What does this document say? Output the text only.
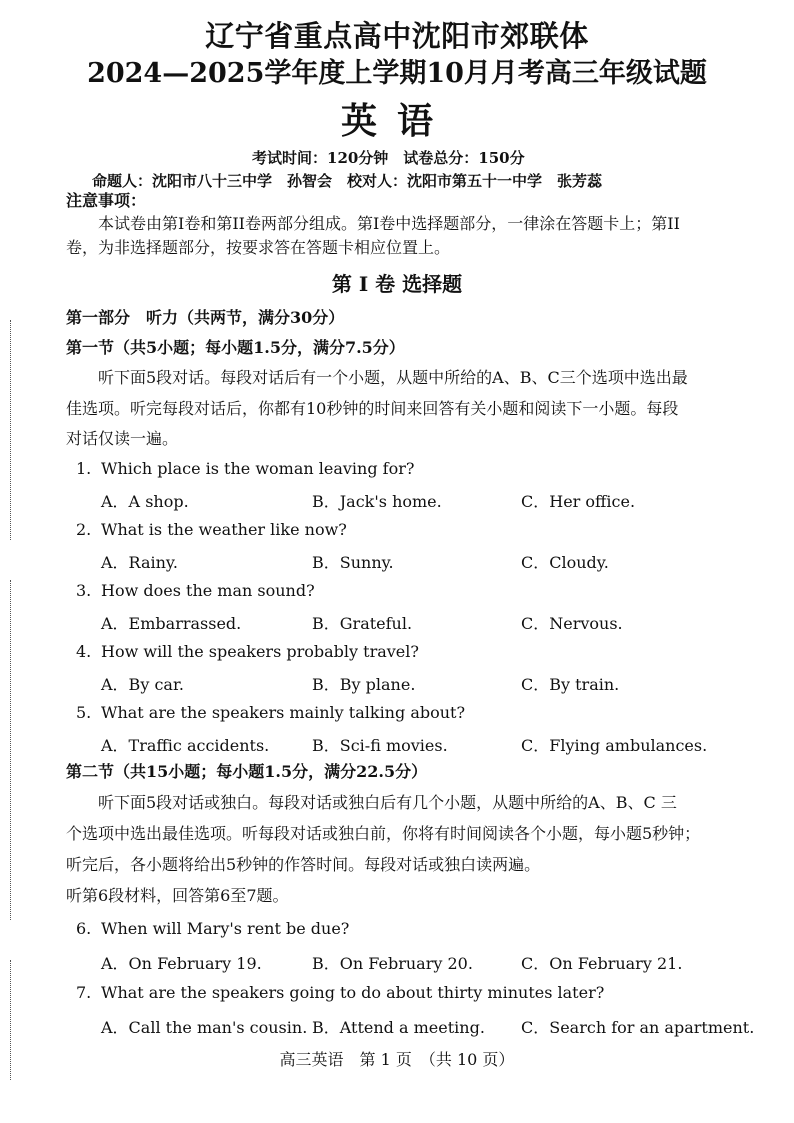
辽宁省重点高中沈阳市郊联体
2024—2025学年度上学期10月月考高三年级试题
英语
考试时间：120分钟　试卷总分：150分
命题人：沈阳市八十三中学　孙智会　校对人：沈阳市第五十一中学　张芳蕊
注意事项：
本试卷由第I卷和第II卷两部分组成。第I卷中选择题部分，一律涂在答题卡上；第II
卷，为非选择题部分，按要求答在答题卡相应位置上。
第 I 卷 选择题
第一部分　听力（共两节，满分30分）
第一节（共5小题；每小题1.5分，满分7.5分）
听下面5段对话。每段对话后有一个小题，从题中所给的A、B、C三个选项中选出最
佳选项。听完每段对话后，你都有10秒钟的时间来回答有关小题和阅读下一小题。每段
对话仅读一遍。
1. Which place is the woman leaving for?
A．A shop.	B．Jack's home.	C．Her office.
2. What is the weather like now?
A．Rainy.	B．Sunny.	C．Cloudy.
3. How does the man sound?
A．Embarrassed.	B．Grateful.	C．Nervous.
4. How will the speakers probably travel?
A．By car.	B．By plane.	C．By train.
5. What are the speakers mainly talking about?
A．Traffic accidents.	B．Sci-fi movies.	C．Flying ambulances.
第二节（共15小题；每小题1.5分，满分22.5分）
听下面5段对话或独白。每段对话或独白后有几个小题，从题中所给的A、B、C 三
个选项中选出最佳选项。听每段对话或独白前，你将有时间阅读各个小题，每小题5秒钟；
听完后，各小题将给出5秒钟的作答时间。每段对话或独白读两遍。
听第6段材料，回答第6至7题。
6. When will Mary's rent be due?
A．On February 19.	B．On February 20.	C．On February 21.
7. What are the speakers going to do about thirty minutes later?
A．Call the man's cousin. B．Attend a meeting. C．Search for an apartment.
高三英语　第 1 页　（共 10 页）
